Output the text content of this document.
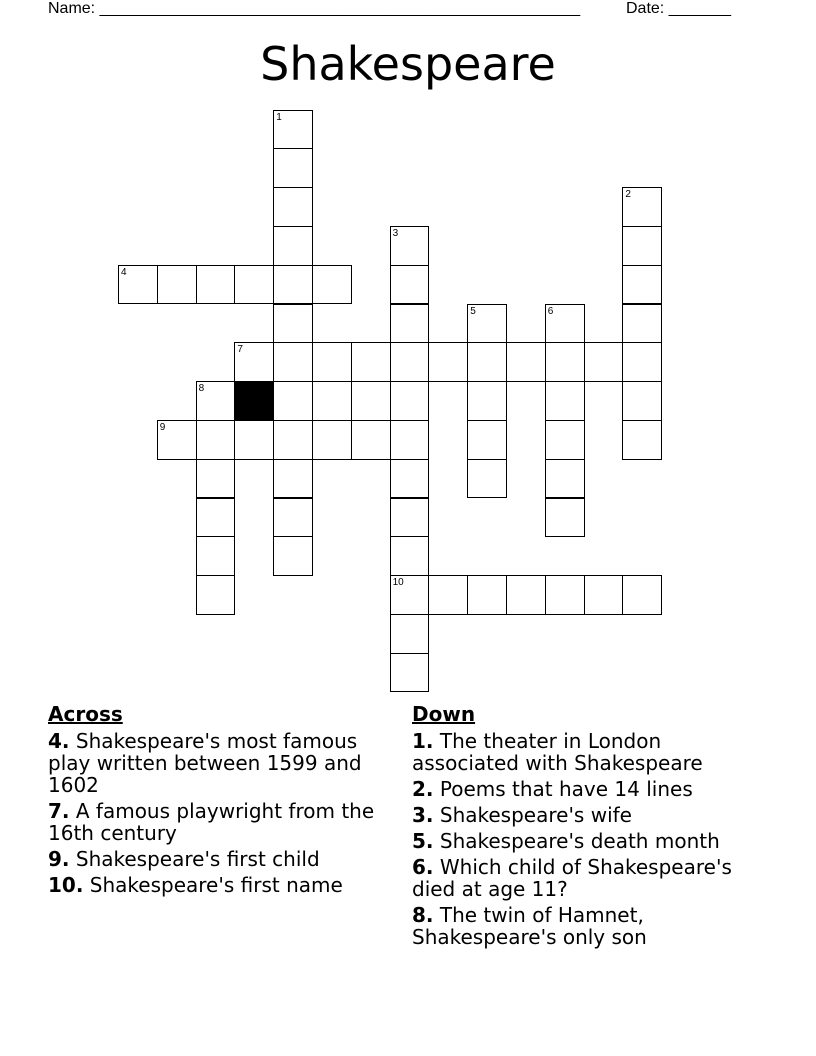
Name: ______________________________________________________	Date: _______
Shakespeare
1
2
3
10
4
5	6
7
8
9
Across
4. Shakespeare's most famous play written between 1599 and 1602
7. A famous playwright from the 16th century
9. Shakespeare's first child
10. Shakespeare's first name
Down
1. The theater in London associated with Shakespeare
2. Poems that have 14 lines
3. Shakespeare's wife
5. Shakespeare's death month
6. Which child of Shakespeare's died at age 11?
8. The twin of Hamnet, Shakespeare's only son
